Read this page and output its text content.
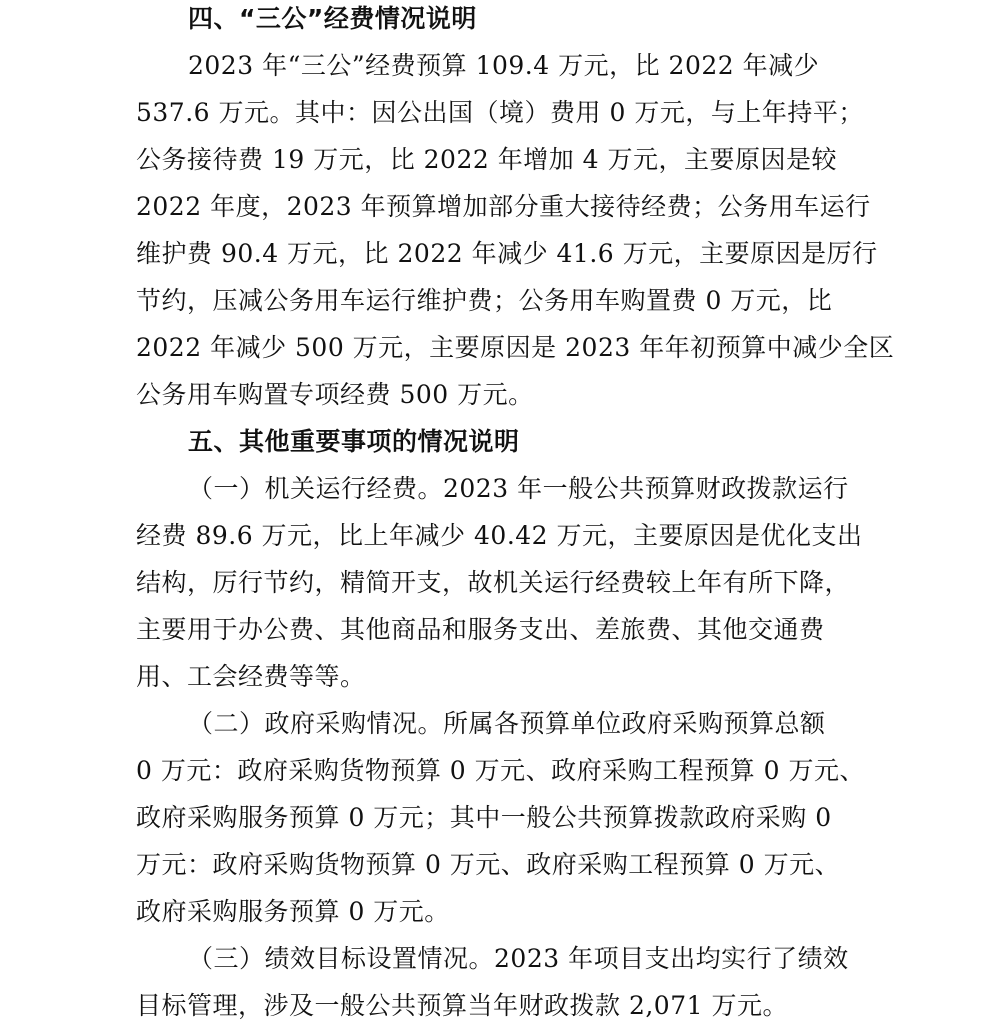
四、“三公”经费情况说明
2023 年“三公”经费预算 109.4 万元，比 2022 年减少
537.6 万元。其中：因公出国（境）费用 0 万元，与上年持平；
公务接待费 19 万元，比 2022 年增加 4 万元，主要原因是较
2022 年度，2023 年预算增加部分重大接待经费；公务用车运行
维护费 90.4 万元，比 2022 年减少 41.6 万元，主要原因是厉行
节约，压减公务用车运行维护费；公务用车购置费 0 万元，比
2022 年减少 500 万元，主要原因是 2023 年年初预算中减少全区
公务用车购置专项经费 500 万元。
五、其他重要事项的情况说明
（一）机关运行经费。2023 年一般公共预算财政拨款运行
经费 89.6 万元，比上年减少 40.42 万元，主要原因是优化支出
结构，厉行节约，精简开支，故机关运行经费较上年有所下降，
主要用于办公费、其他商品和服务支出、差旅费、其他交通费
用、工会经费等等。
（二）政府采购情况。所属各预算单位政府采购预算总额
0 万元：政府采购货物预算 0 万元、政府采购工程预算 0 万元、
政府采购服务预算 0 万元；其中一般公共预算拨款政府采购 0
万元：政府采购货物预算 0 万元、政府采购工程预算 0 万元、
政府采购服务预算 0 万元。
（三）绩效目标设置情况。2023 年项目支出均实行了绩效
目标管理，涉及一般公共预算当年财政拨款 2,071 万元。
